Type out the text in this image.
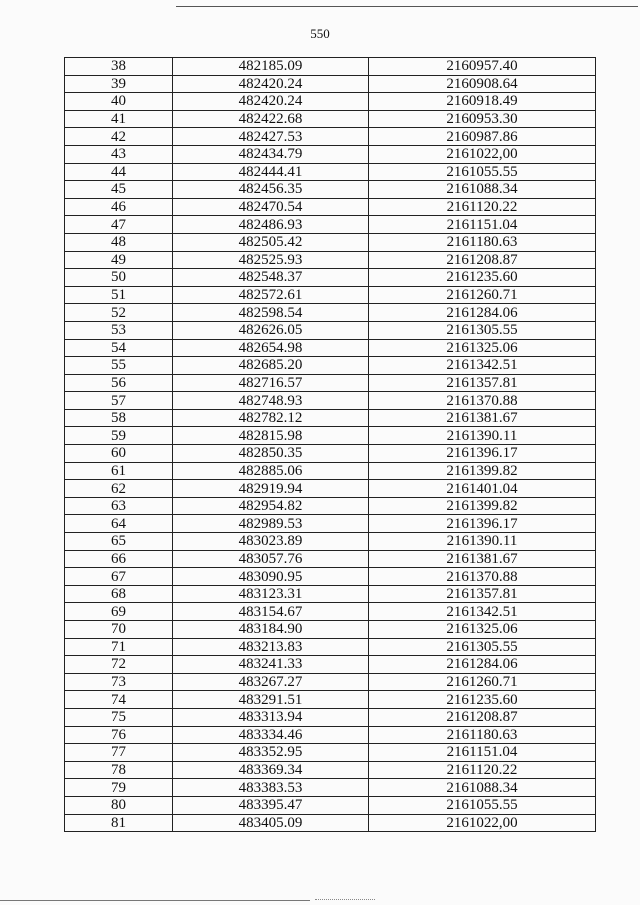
550
38	482185.09	2160957.40
39	482420.24	2160908.64
40	482420.24	2160918.49
41	482422.68	2160953.30
42	482427.53	2160987.86
43	482434.79	2161022,00
44	482444.41	2161055.55
45	482456.35	2161088.34
46	482470.54	2161120.22
47	482486.93	2161151.04
48	482505.42	2161180.63
49	482525.93	2161208.87
50	482548.37	2161235.60
51	482572.61	2161260.71
52	482598.54	2161284.06
53	482626.05	2161305.55
54	482654.98	2161325.06
55	482685.20	2161342.51
56	482716.57	2161357.81
57	482748.93	2161370.88
58	482782.12	2161381.67
59	482815.98	2161390.11
60	482850.35	2161396.17
61	482885.06	2161399.82
62	482919.94	2161401.04
63	482954.82	2161399.82
64	482989.53	2161396.17
65	483023.89	2161390.11
66	483057.76	2161381.67
67	483090.95	2161370.88
68	483123.31	2161357.81
69	483154.67	2161342.51
70	483184.90	2161325.06
71	483213.83	2161305.55
72	483241.33	2161284.06
73	483267.27	2161260.71
74	483291.51	2161235.60
75	483313.94	2161208.87
76	483334.46	2161180.63
77	483352.95	2161151.04
78	483369.34	2161120.22
79	483383.53	2161088.34
80	483395.47	2161055.55
81	483405.09	2161022,00
